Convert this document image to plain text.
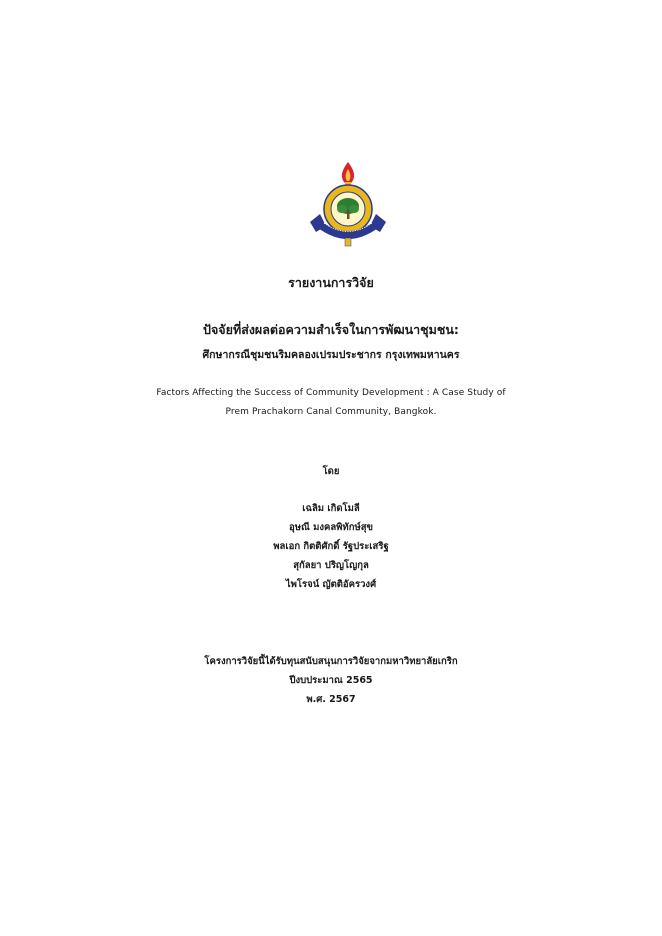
รายงานการวิจัย
ปัจจัยที่ส่งผลต่อความสำเร็จในการพัฒนาชุมชน:
ศึกษากรณีชุมชนริมคลองเปรมประชากร กรุงเทพมหานคร
Factors Affecting the Success of Community Development : A Case Study of
Prem Prachakorn Canal Community, Bangkok.
โดย
เฉลิม เกิดโมลี
อุษณี มงคลพิทักษ์สุข
พลเอก กิตติศักดิ์ รัฐประเสริฐ
สุกัลยา ปริญโญกุล
ไพโรจน์ ญัตติอัครวงศ์
โครงการวิจัยนี้ได้รับทุนสนับสนุนการวิจัยจากมหาวิทยาลัยเกริก
ปีงบประมาณ 2565
พ.ศ. 2567
